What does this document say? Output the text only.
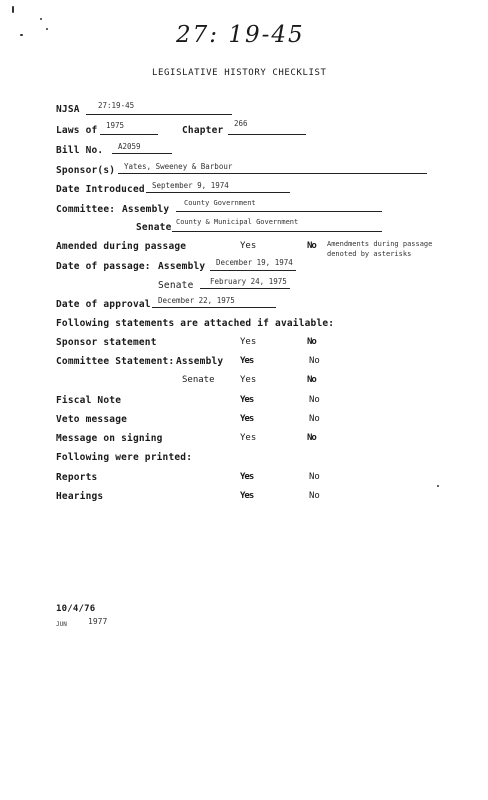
27: 19-45
LEGISLATIVE HISTORY CHECKLIST
NJSA 27:19-45
Laws of 1975	Chapter
266
Bill No. A2059
Sponsor(s) Yates, Sweeney & Barbour
Date Introduced September 9, 1974
Committee: Assembly
County Government
Senate County & Municipal Government
Amended during passage	Yes	No Amendments during passage
denoted by asterisks
Date of passage: Assembly December 19, 1974
Senate February 24, 1975
Date of approval December 22, 1975
Following statements are attached if available:
Sponsor statement	Yes	No
Committee Statement: Assembly Yes	No
Senate	Yes	No
Fiscal Note	Yes	No
Veto message	Yes	No
Message on signing	Yes	No
Following were printed:
Reports	Yes	No
Hearings	Yes	No
10/4/76
JUN	1977
